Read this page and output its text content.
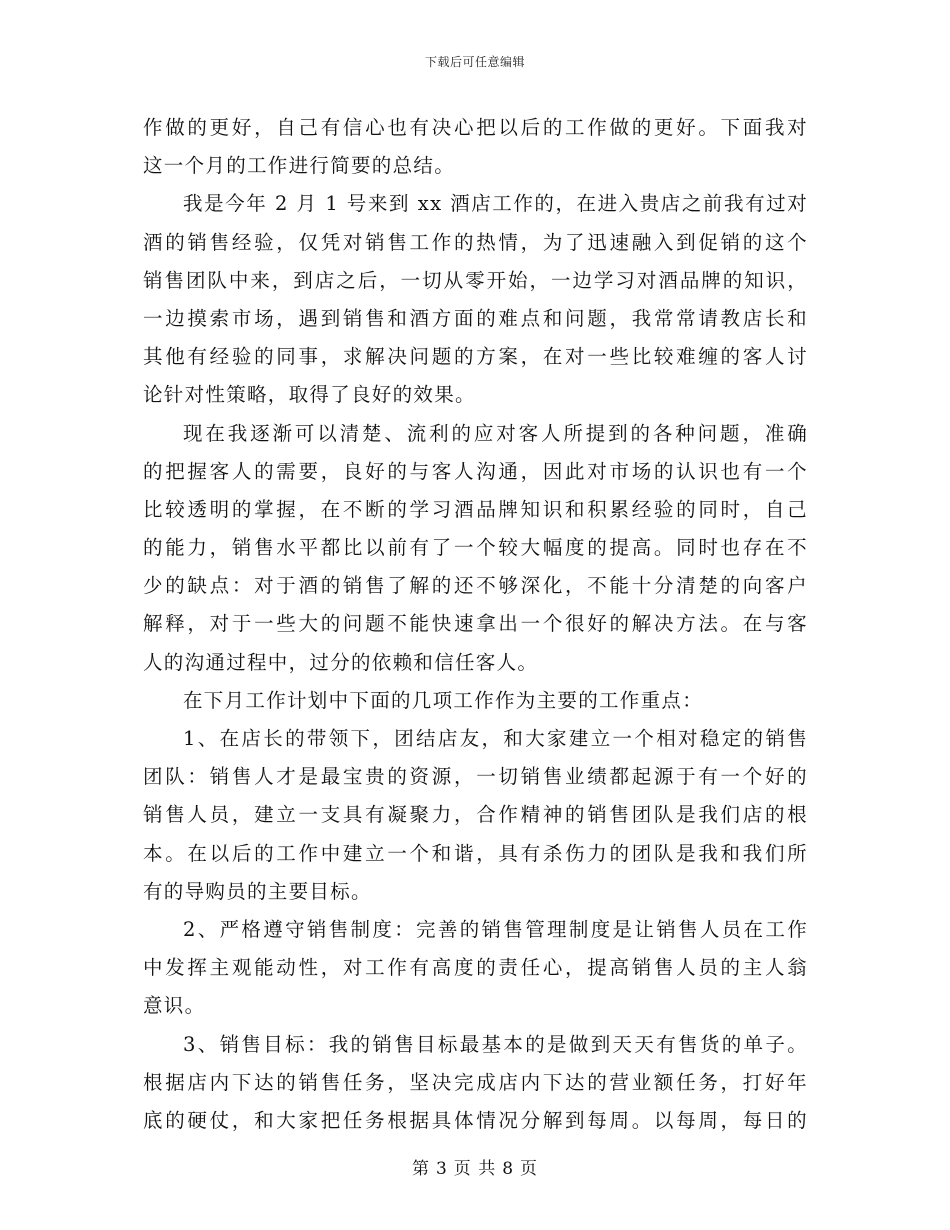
下载后可任意编辑
作做的更好，自己有信心也有决心把以后的工作做的更好。下面我对
这一个月的工作进行简要的总结。
我是今年 2 月 1 号来到 xx 酒店工作的，在进入贵店之前我有过对
酒的销售经验，仅凭对销售工作的热情，为了迅速融入到促销的这个
销售团队中来，到店之后，一切从零开始，一边学习对酒品牌的知识，
一边摸索市场，遇到销售和酒方面的难点和问题，我常常请教店长和
其他有经验的同事，求解决问题的方案，在对一些比较难缠的客人讨
论针对性策略，取得了良好的效果。
现在我逐渐可以清楚、流利的应对客人所提到的各种问题，准确
的把握客人的需要，良好的与客人沟通，因此对市场的认识也有一个
比较透明的掌握，在不断的学习酒品牌知识和积累经验的同时，自己
的能力，销售水平都比以前有了一个较大幅度的提高。同时也存在不
少的缺点：对于酒的销售了解的还不够深化，不能十分清楚的向客户
解释，对于一些大的问题不能快速拿出一个很好的解决方法。在与客
人的沟通过程中，过分的依赖和信任客人。
在下月工作计划中下面的几项工作作为主要的工作重点：
1、在店长的带领下，团结店友，和大家建立一个相对稳定的销售
团队：销售人才是最宝贵的资源，一切销售业绩都起源于有一个好的
销售人员，建立一支具有凝聚力，合作精神的销售团队是我们店的根
本。在以后的工作中建立一个和谐，具有杀伤力的团队是我和我们所
有的导购员的主要目标。
2、严格遵守销售制度：完善的销售管理制度是让销售人员在工作
中发挥主观能动性，对工作有高度的责任心，提高销售人员的主人翁
意识。
3、销售目标：我的销售目标最基本的是做到天天有售货的单子。
根据店内下达的销售任务，坚决完成店内下达的营业额任务，打好年
底的硬仗，和大家把任务根据具体情况分解到每周。以每周，每日的
第 3 页 共 8 页
